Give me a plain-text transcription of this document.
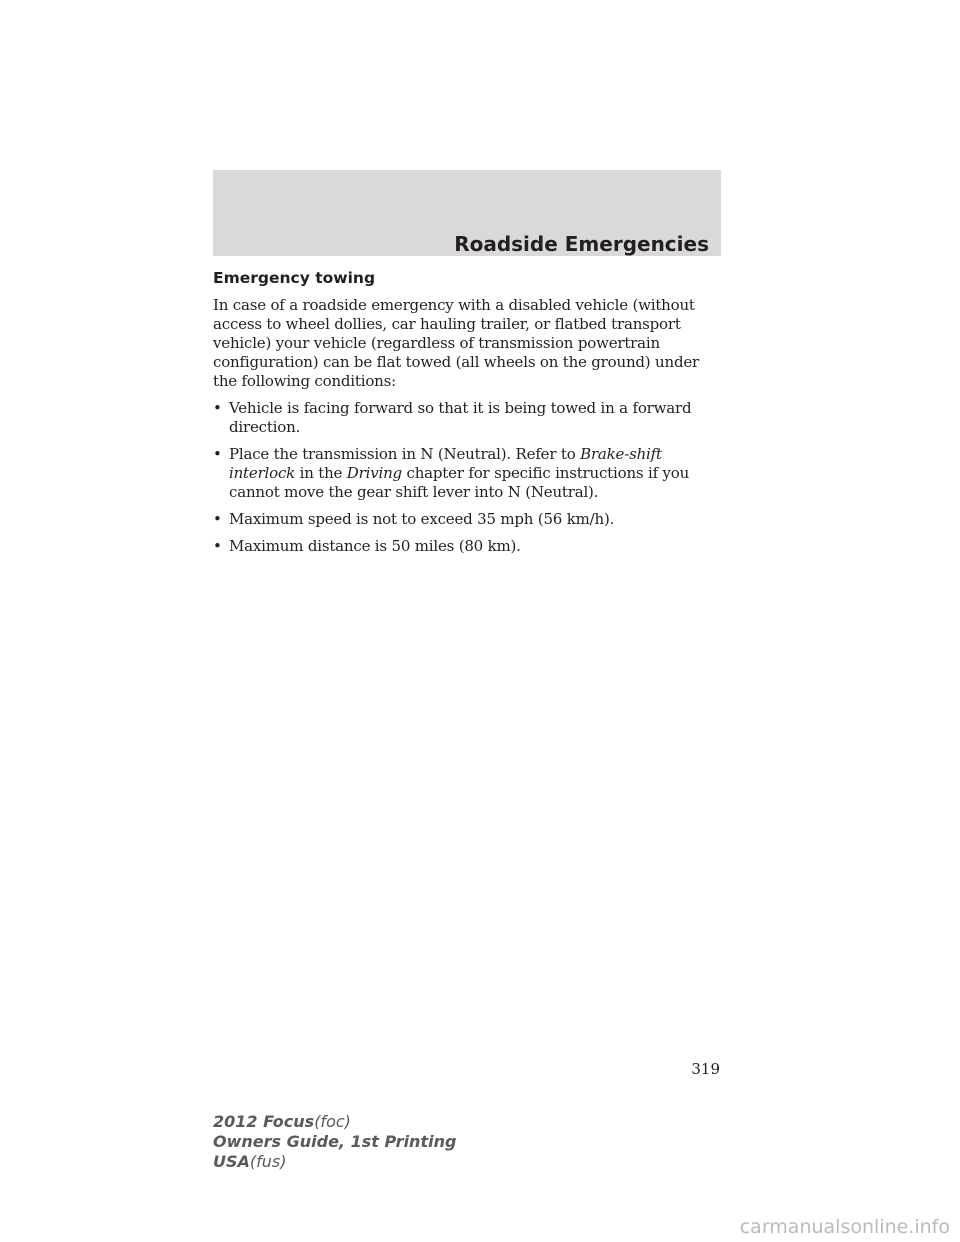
Roadside Emergencies
Emergency towing

In case of a roadside emergency with a disabled vehicle (without access to wheel dollies, car hauling trailer, or flatbed transport vehicle) your vehicle (regardless of transmission powertrain configuration) can be flat towed (all wheels on the ground) under the following conditions:

• Vehicle is facing forward so that it is being towed in a forward direction.
• Place the transmission in N (Neutral). Refer to Brake-shift interlock in the Driving chapter for specific instructions if you cannot move the gear shift lever into N (Neutral).
• Maximum speed is not to exceed 35 mph (56 km/h).
• Maximum distance is 50 miles (80 km).
319
2012 Focus(foc)
Owners Guide, 1st Printing
USA(fus)
carmanualsonline.info
